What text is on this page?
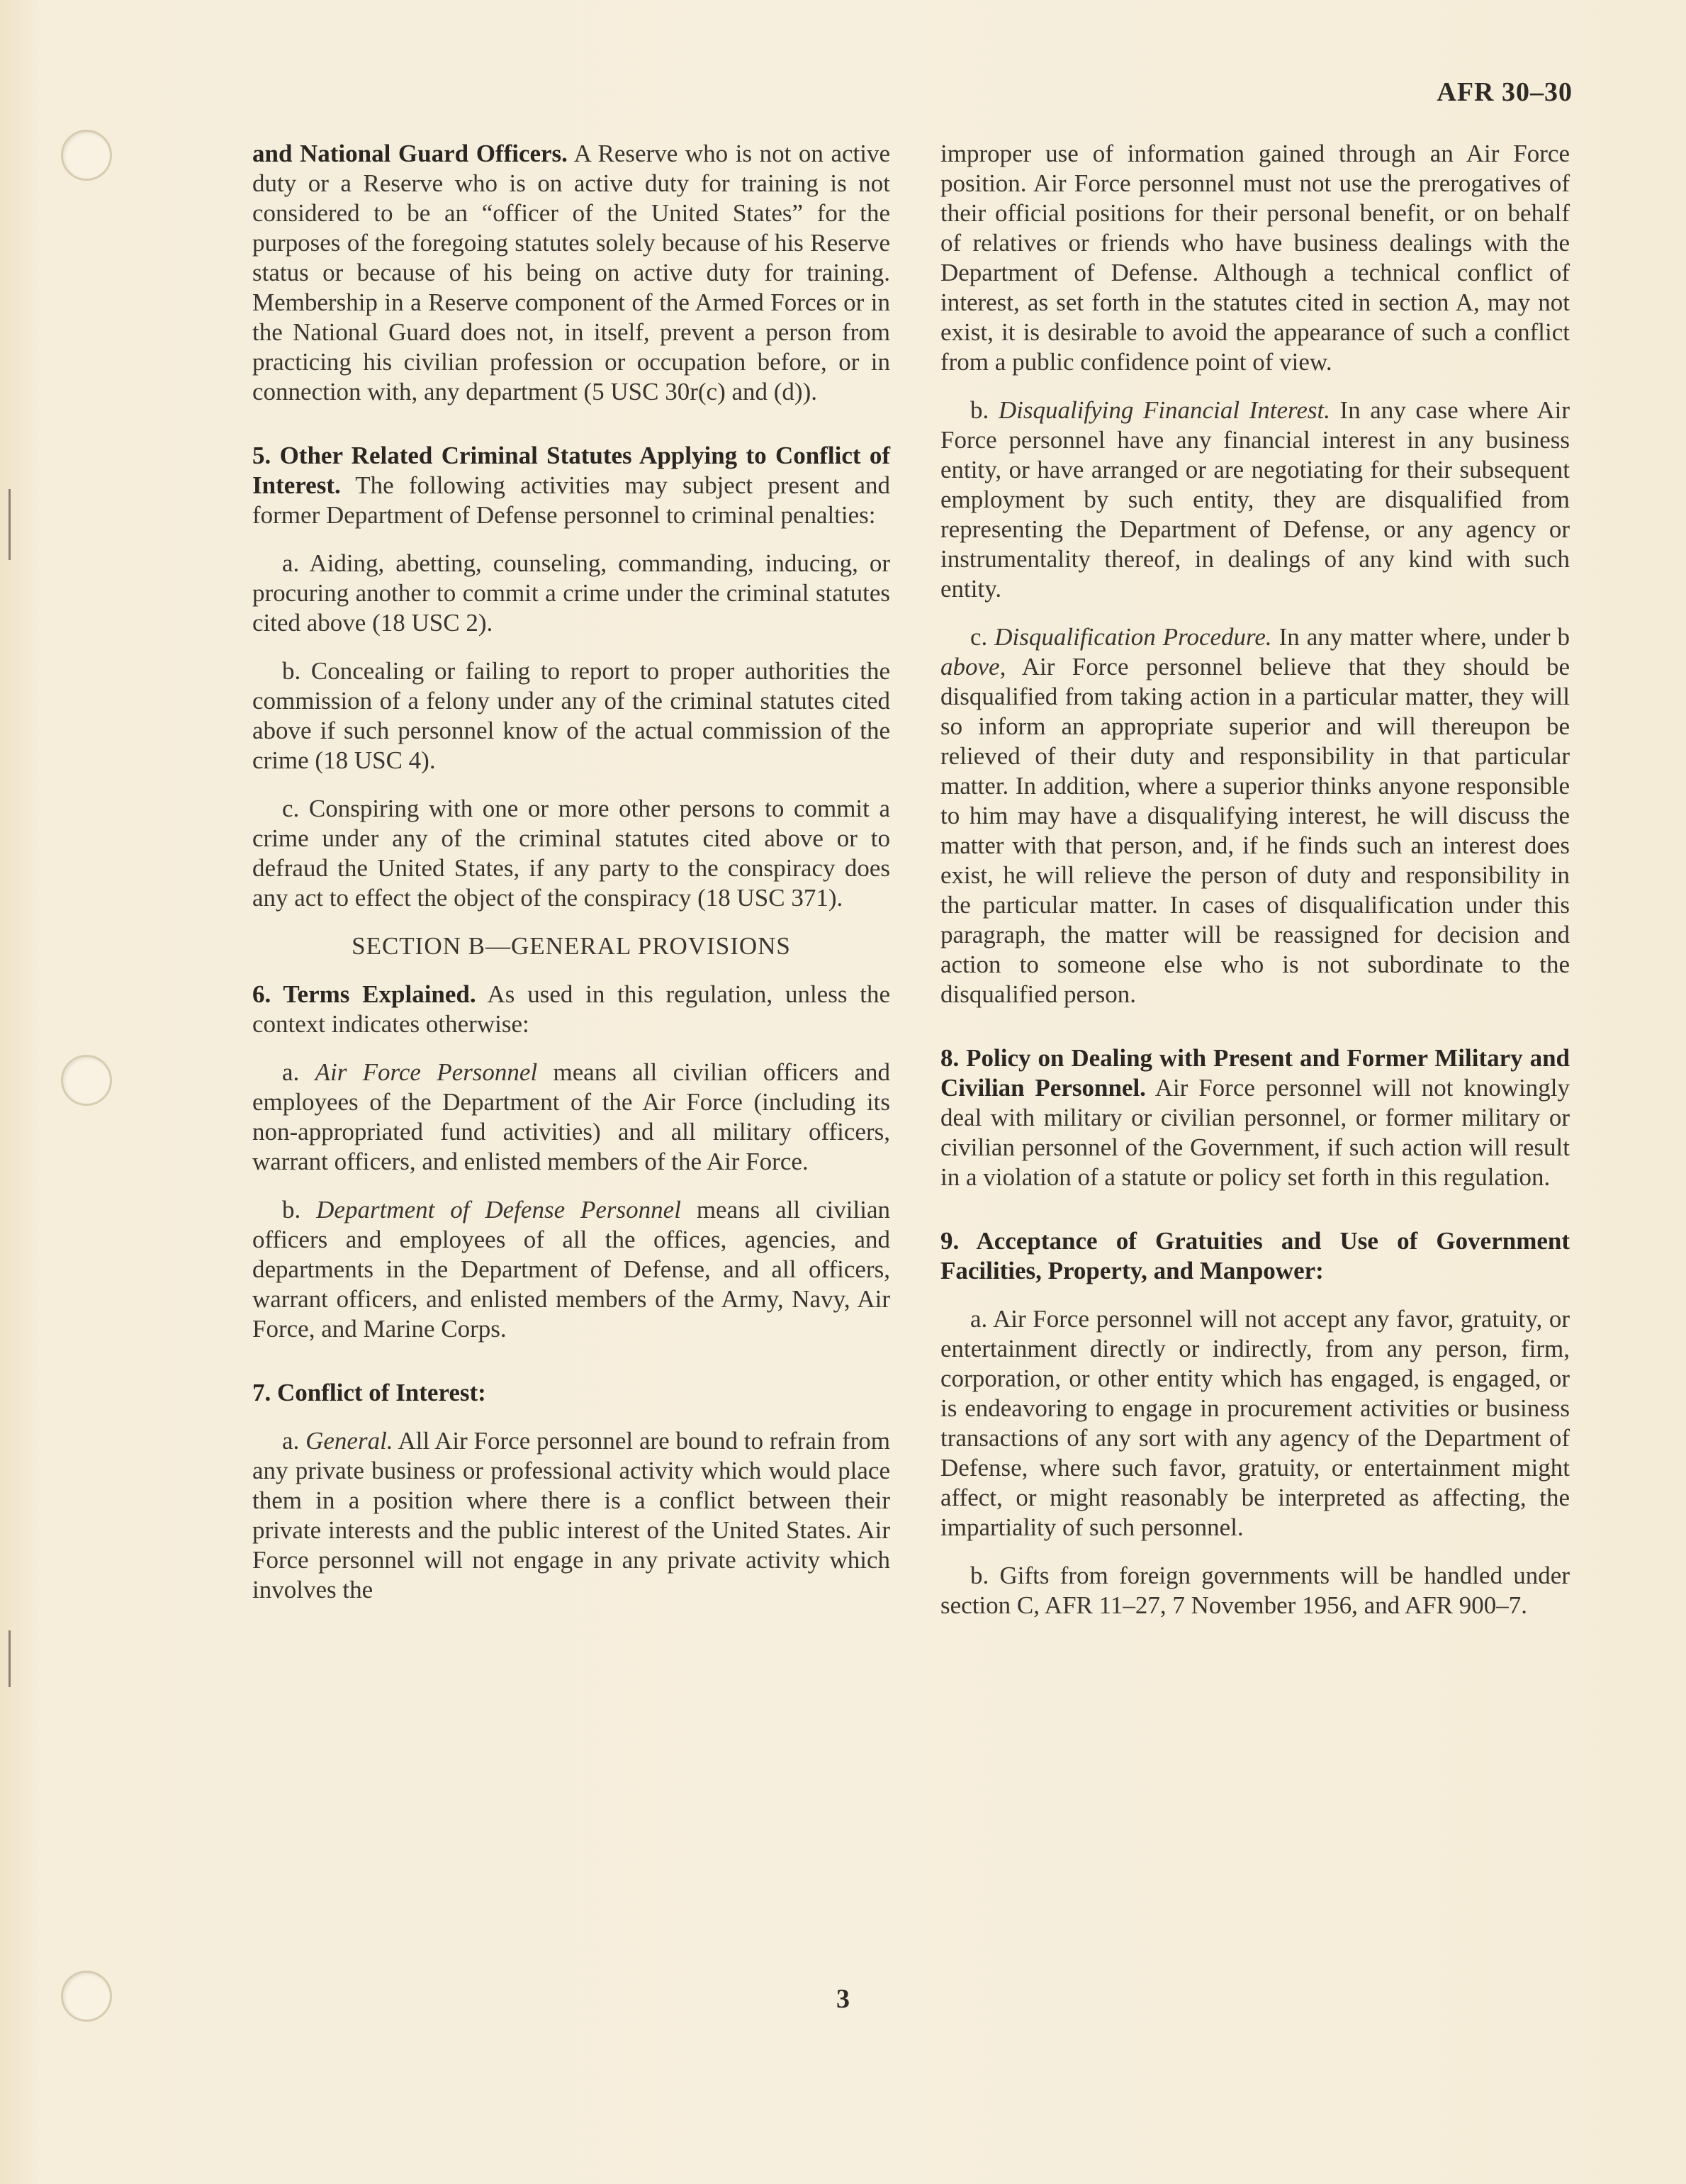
AFR 30–30

and National Guard Officers. A Reserve who is not on active duty or a Reserve who is on active duty for training is not considered to be an “officer of the United States” for the purposes of the foregoing statutes solely because of his Reserve status or because of his being on active duty for training. Membership in a Reserve component of the Armed Forces or in the National Guard does not, in itself, prevent a person from practicing his civilian profession or occupation before, or in connection with, any department (5 USC 30r(c) and (d)).

5. Other Related Criminal Statutes Applying to Conflict of Interest. The following activities may subject present and former Department of Defense personnel to criminal penalties:

a. Aiding, abetting, counseling, commanding, inducing, or procuring another to commit a crime under the criminal statutes cited above (18 USC 2).

b. Concealing or failing to report to proper authorities the commission of a felony under any of the criminal statutes cited above if such personnel know of the actual commission of the crime (18 USC 4).

c. Conspiring with one or more other persons to commit a crime under any of the criminal statutes cited above or to defraud the United States, if any party to the conspiracy does any act to effect the object of the conspiracy (18 USC 371).

SECTION B—GENERAL PROVISIONS

6. Terms Explained. As used in this regulation, unless the context indicates otherwise:

a. Air Force Personnel means all civilian officers and employees of the Department of the Air Force (including its non-appropriated fund activities) and all military officers, warrant officers, and enlisted members of the Air Force.

b. Department of Defense Personnel means all civilian officers and employees of all the offices, agencies, and departments in the Department of Defense, and all officers, warrant officers, and enlisted members of the Army, Navy, Air Force, and Marine Corps.

7. Conflict of Interest:

a. General. All Air Force personnel are bound to refrain from any private business or professional activity which would place them in a position where there is a conflict between their private interests and the public interest of the United States. Air Force personnel will not engage in any private activity which involves the

improper use of information gained through an Air Force position. Air Force personnel must not use the prerogatives of their official positions for their personal benefit, or on behalf of relatives or friends who have business dealings with the Department of Defense. Although a technical conflict of interest, as set forth in the statutes cited in section A, may not exist, it is desirable to avoid the appearance of such a conflict from a public confidence point of view.

b. Disqualifying Financial Interest. In any case where Air Force personnel have any financial interest in any business entity, or have arranged or are negotiating for their subsequent employment by such entity, they are disqualified from representing the Department of Defense, or any agency or instrumentality thereof, in dealings of any kind with such entity.

c. Disqualification Procedure. In any matter where, under b above, Air Force personnel believe that they should be disqualified from taking action in a particular matter, they will so inform an appropriate superior and will thereupon be relieved of their duty and responsibility in that particular matter. In addition, where a superior thinks anyone responsible to him may have a disqualifying interest, he will discuss the matter with that person, and, if he finds such an interest does exist, he will relieve the person of duty and responsibility in the particular matter. In cases of disqualification under this paragraph, the matter will be reassigned for decision and action to someone else who is not subordinate to the disqualified person.

8. Policy on Dealing with Present and Former Military and Civilian Personnel. Air Force personnel will not knowingly deal with military or civilian personnel, or former military or civilian personnel of the Government, if such action will result in a violation of a statute or policy set forth in this regulation.

9. Acceptance of Gratuities and Use of Government Facilities, Property, and Manpower:

a. Air Force personnel will not accept any favor, gratuity, or entertainment directly or indirectly, from any person, firm, corporation, or other entity which has engaged, is engaged, or is endeavoring to engage in procurement activities or business transactions of any sort with any agency of the Department of Defense, where such favor, gratuity, or entertainment might affect, or might reasonably be interpreted as affecting, the impartiality of such personnel.

b. Gifts from foreign governments will be handled under section C, AFR 11–27, 7 November 1956, and AFR 900–7.

3
